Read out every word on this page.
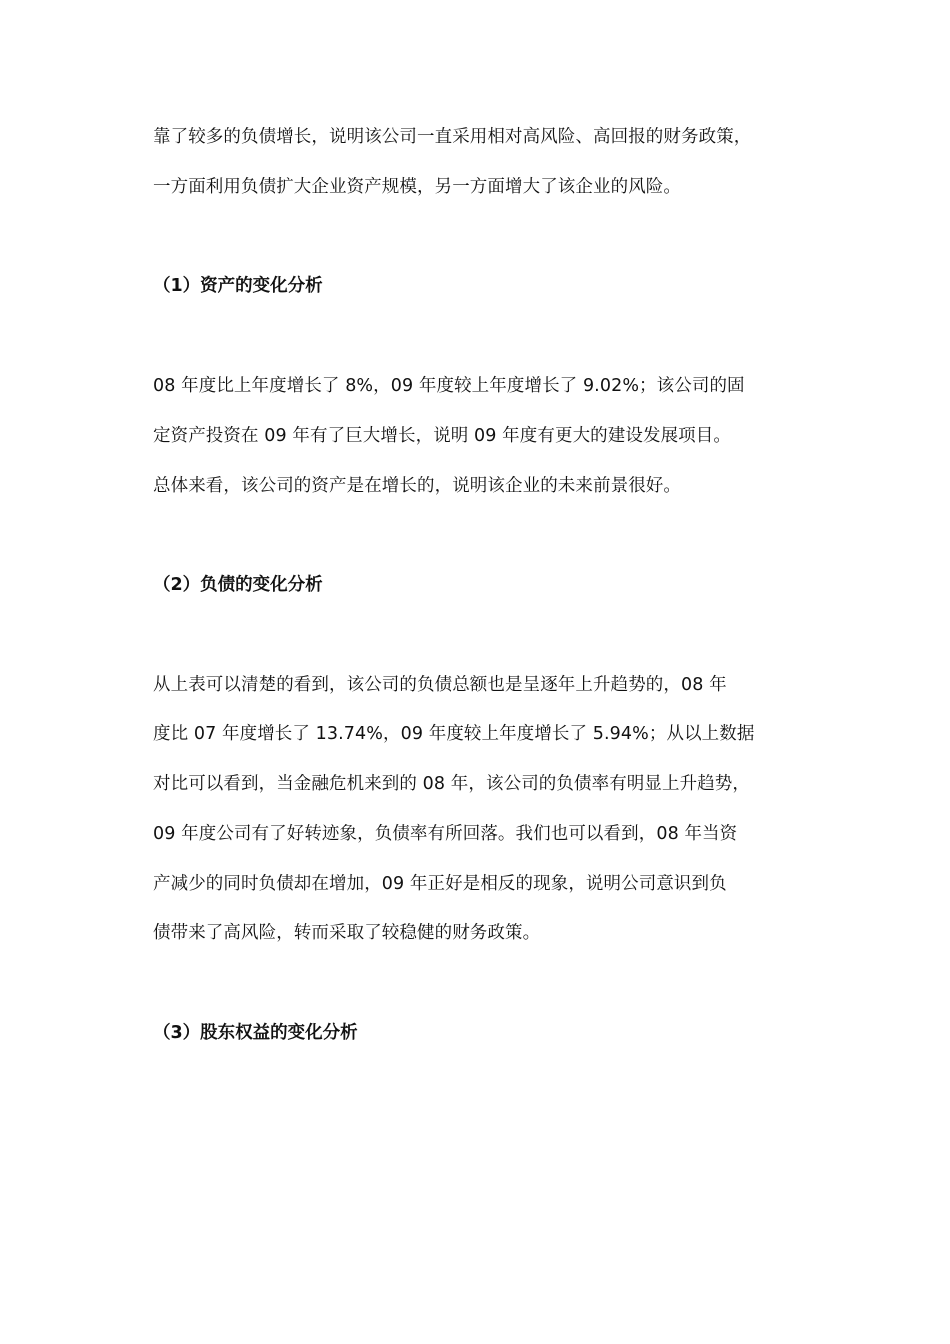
靠了较多的负债增长，说明该公司一直采用相对高风险、高回报的财务政策，
一方面利用负债扩大企业资产规模，另一方面增大了该企业的风险。
（1）资产的变化分析
08 年度比上年度增长了 8%，09 年度较上年度增长了 9.02%；该公司的固
定资产投资在 09 年有了巨大增长，说明 09 年度有更大的建设发展项目。
总体来看，该公司的资产是在增长的，说明该企业的未来前景很好。
（2）负债的变化分析
从上表可以清楚的看到，该公司的负债总额也是呈逐年上升趋势的，08 年
度比 07 年度增长了 13.74%，09 年度较上年度增长了 5.94%；从以上数据
对比可以看到，当金融危机来到的 08 年，该公司的负债率有明显上升趋势，
09 年度公司有了好转迹象，负债率有所回落。我们也可以看到，08 年当资
产减少的同时负债却在增加，09 年正好是相反的现象，说明公司意识到负
债带来了高风险，转而采取了较稳健的财务政策。
（3）股东权益的变化分析
